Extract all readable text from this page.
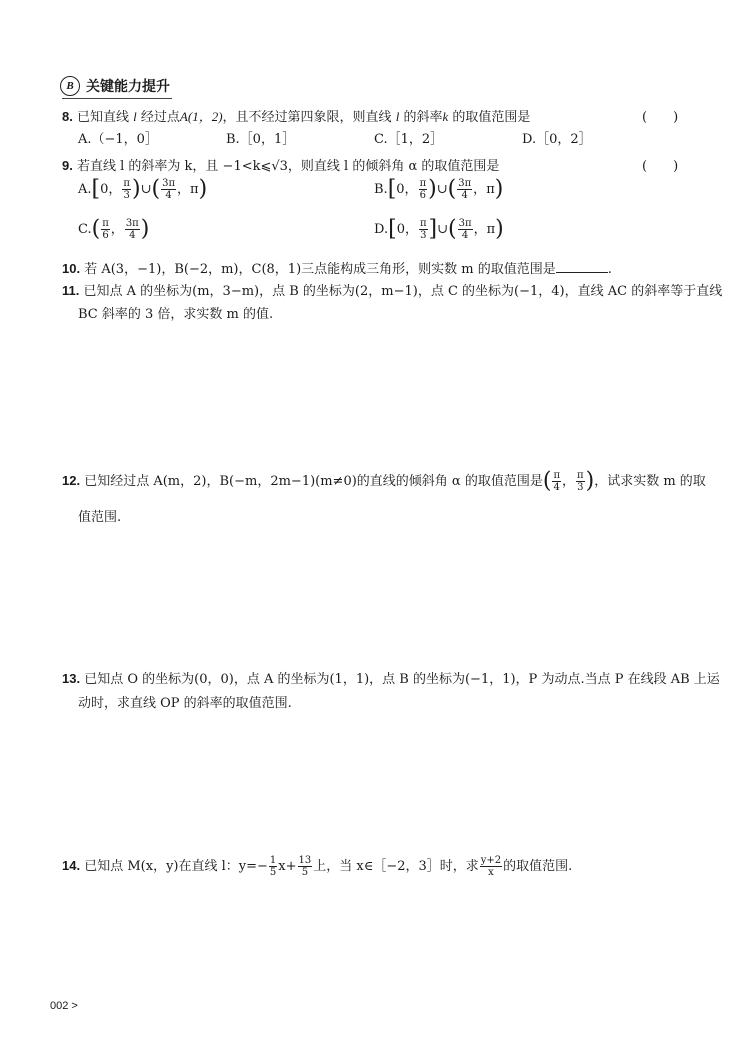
B 关键能力提升
8. 已知直线 l 经过点A(1，2)，且不经过第四象限，则直线 l 的斜率k 的取值范围是	(　　)
A.（−1，0］	B.［0，1］	C.［1，2］	D.［0，2］
9. 若直线 l 的斜率为 k，且 −1<k⩽√3，则直线 l 的倾斜角 α 的取值范围是	(　　)
A.[0， $\frac{\pi}{3}$ )∪( $\frac{3\pi}{4}$ ，π)	B.[0， $\frac{\pi}{6}$ )∪( $\frac{3\pi}{4}$ ，π)
$C.( \frac{\pi}{6}$ ， $\frac{3\pi}{4}$ )	D.[0， $\frac{\pi}{3}$ ]∪( $\frac{3\pi}{4}$ ，π)
10. 若 A(3，−1)，B(−2，m)，C(8，1)三点能构成三角形，则实数 m 的取值范围是	.
11. 已知点 A 的坐标为(m，3−m)，点 B 的坐标为(2，m−1)，点 C 的坐标为(−1，4)，直线 AC 的斜率等于直线
BC 斜率的 3 倍，求实数 m 的值.
12. 已知经过点 A(m，2)，B(−m，2m−1)(m≠0)的直线的倾斜角 α 的取值范围是( $\frac{\pi}{4}$ ， $\frac{\pi}{3}$ )，试求实数 m 的取
值范围.
13. 已知点 O 的坐标为(0，0)，点 A 的坐标为(1，1)，点 B 的坐标为(−1，1)，P 为动点.当点 P 在线段 AB 上运
动时，求直线 OP 的斜率的取值范围.
14. 已知点 M(x，y)在直线 l：$y=- \frac{1}{5} x+ \frac{13}{5}$ 上，当 x∈［−2，3］时，求 $\frac{y+2}{x}$ 的取值范围.
002 >
